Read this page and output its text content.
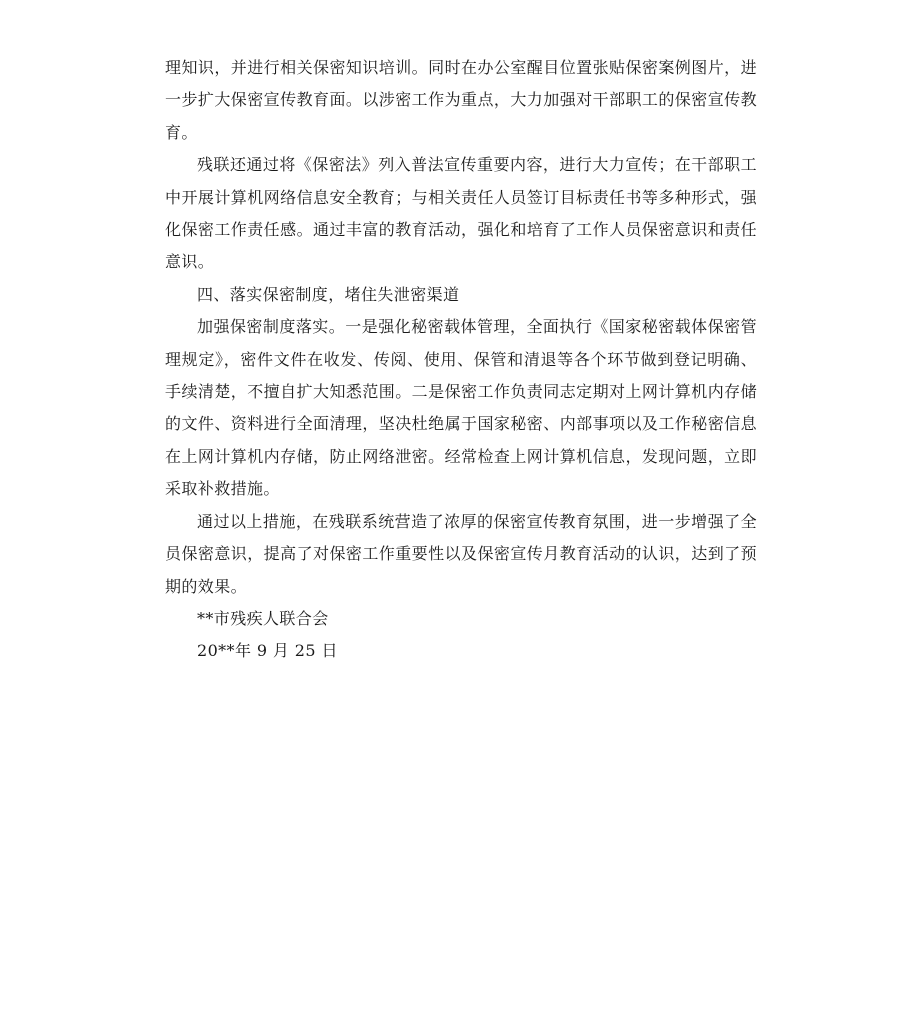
理知识，并进行相关保密知识培训。同时在办公室醒目位置张贴保密案例图片，进一步扩大保密宣传教育面。以涉密工作为重点，大力加强对干部职工的保密宣传教育。

残联还通过将《保密法》列入普法宣传重要内容，进行大力宣传；在干部职工中开展计算机网络信息安全教育；与相关责任人员签订目标责任书等多种形式，强化保密工作责任感。通过丰富的教育活动，强化和培育了工作人员保密意识和责任意识。

四、落实保密制度，堵住失泄密渠道

加强保密制度落实。一是强化秘密载体管理，全面执行《国家秘密载体保密管理规定》，密件文件在收发、传阅、使用、保管和清退等各个环节做到登记明确、手续清楚，不擅自扩大知悉范围。二是保密工作负责同志定期对上网计算机内存储的文件、资料进行全面清理，坚决杜绝属于国家秘密、内部事项以及工作秘密信息在上网计算机内存储，防止网络泄密。经常检查上网计算机信息，发现问题，立即采取补救措施。

通过以上措施，在残联系统营造了浓厚的保密宣传教育氛围，进一步增强了全员保密意识，提高了对保密工作重要性以及保密宣传月教育活动的认识，达到了预期的效果。

**市残疾人联合会

20**年 9 月 25 日
